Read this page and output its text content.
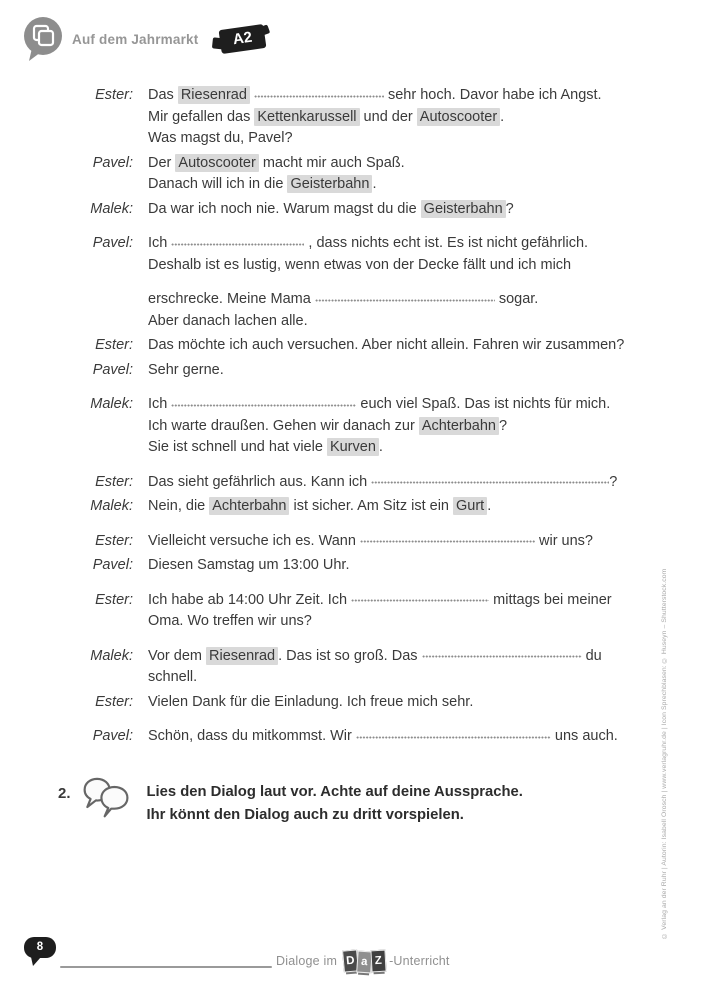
Auf dem Jahrmarkt	A2
Ester:	Das Riesenrad	sehr hoch. Davor habe ich Angst.
Mir gefallen das Kettenkarussell und der Autoscooter .
Was magst du, Pavel?
Pavel:	Der Autoscooter macht mir auch Spaß.
Danach will ich in die Geisterbahn .
Malek:	Da war ich noch nie. Warum magst du die Geisterbahn ?
Pavel:	Ich	, dass nichts echt ist. Es ist nicht gefährlich.
Deshalb ist es lustig, wenn etwas von der Decke fällt und ich mich
erschrecke. Meine Mama	sogar.
Aber danach lachen alle.
Ester:	Das möchte ich auch versuchen. Aber nicht allein. Fahren wir zusammen?
Pavel:	Sehr gerne.
Malek:	Ich	euch viel Spaß. Das ist nichts für mich.
Ich warte draußen. Gehen wir danach zur Achterbahn ?
Sie ist schnell und hat viele Kurven .
Ester:	Das sieht gefährlich aus. Kann ich	?
Malek:	Nein, die Achterbahn ist sicher. Am Sitz ist ein Gurt .
Ester:	Vielleicht versuche ich es. Wann	wir uns?
Pavel:	Diesen Samstag um 13:00 Uhr.
Ester:	Ich habe ab 14:00 Uhr Zeit. Ich	mittags bei meiner
Oma. Wo treffen wir uns?
Malek:	Vor dem Riesenrad . Das ist so groß. Das	du
schnell.
Ester:	Vielen Dank für die Einladung. Ich freue mich sehr.
Pavel:	Schön, dass du mitkommst. Wir	uns auch.
2.	Lies den Dialog laut vor. Achte auf deine Aussprache.
Ihr könnt den Dialog auch zu dritt vorspielen.
8
Dialoge im D a Z -Unterricht
© Verlag an der Ruhr | Autorin: Isabell Orosch | www.verlagruhr.de | Icon Sprechblasen: © Huseyn – Shutterstock.com
